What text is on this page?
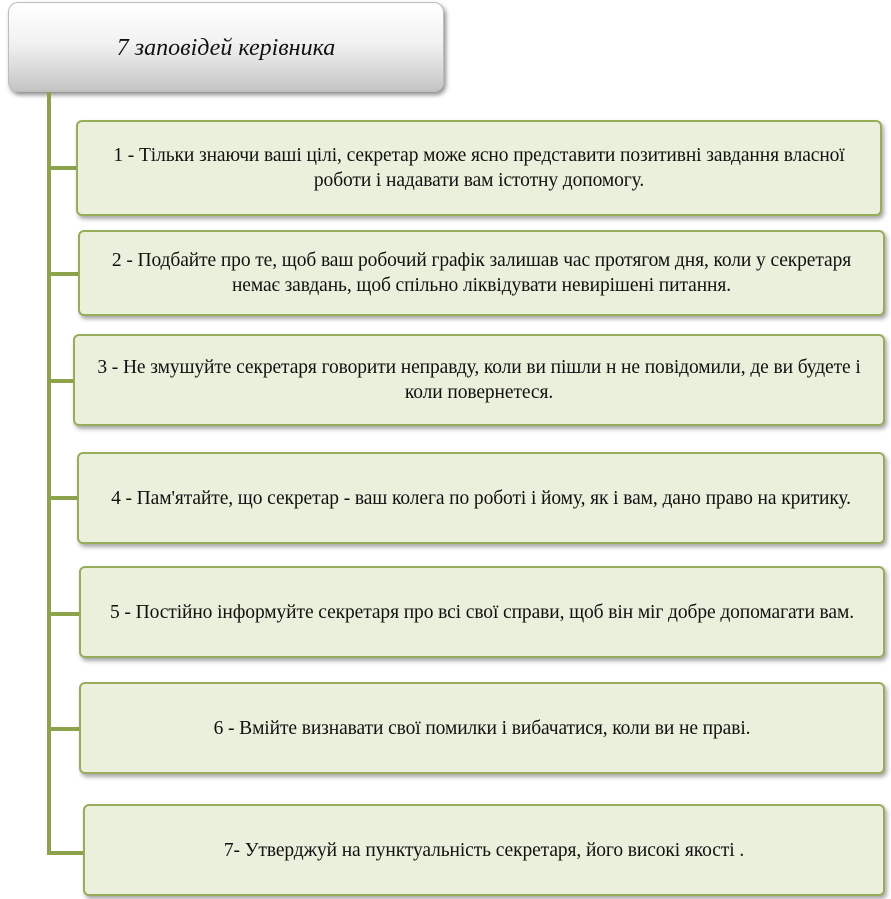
7 заповідей керівника
1 - Тільки знаючи ваші цілі, секретар може ясно представити позитивні завдання власної роботи і надавати вам істотну допомогу.
2 - Подбайте про те, щоб ваш робочий графік залишав час протягом дня, коли у секретаря немає завдань, щоб спільно ліквідувати невирішені питання.
3 - Не змушуйте секретаря говорити неправду, коли ви пішли н не повідомили, де ви будете і коли повернетеся.
4 - Пам'ятайте, що секретар - ваш колега по роботі і йому, як і вам, дано право на критику.
5 - Постійно інформуйте секретаря про всі свої справи, щоб він міг добре допомагати вам.
6 - Вмійте визнавати свої помилки і вибачатися, коли ви не праві.
7- Утверджуй на пунктуальність секретаря, його високі якості .
